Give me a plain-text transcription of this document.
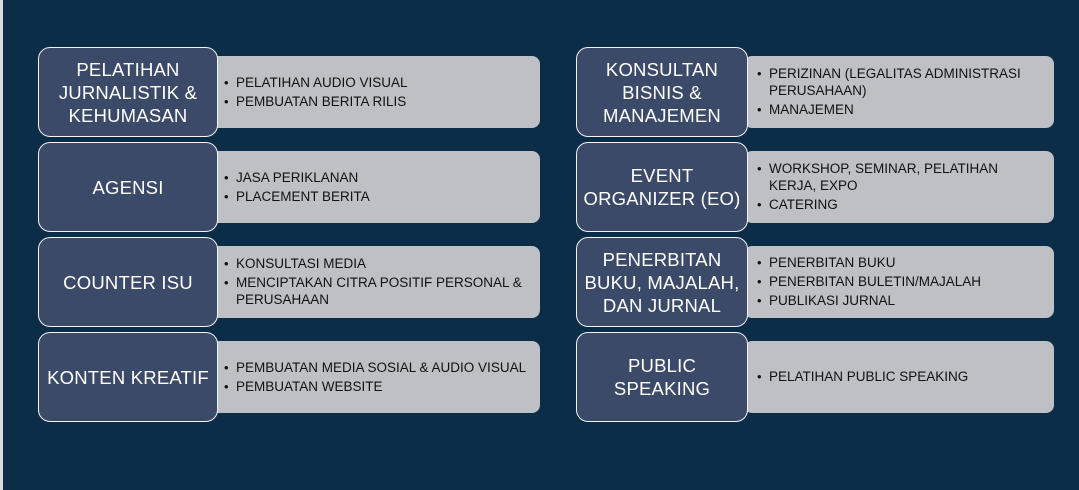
PELATIHAN
JURNALISTIK &
KEHUMASAN
• PELATIHAN AUDIO VISUAL
• PEMBUATAN BERITA RILIS
KONSULTAN
BISNIS &
MANAJEMEN
• PERIZINAN (LEGALITAS ADMINISTRASI PERUSAHAAN)
• MANAJEMEN
AGENSI	• JASA PERIKLANAN
• PLACEMENT BERITA
EVENT
ORGANIZER (EO)
• WORKSHOP, SEMINAR, PELATIHAN KERJA, EXPO
• CATERING
COUNTER ISU
• KONSULTASI MEDIA
• MENCIPTAKAN CITRA POSITIF PERSONAL & PERUSAHAAN
PENERBITAN
BUKU, MAJALAH,
DAN JURNAL
• PENERBITAN BUKU
• PENERBITAN BULETIN/MAJALAH
• PUBLIKASI JURNAL
KONTEN KREATIF	• PEMBUATAN MEDIA SOSIAL & AUDIO VISUAL
• PEMBUATAN WEBSITE
PUBLIC
SPEAKING
• PELATIHAN PUBLIC SPEAKING
